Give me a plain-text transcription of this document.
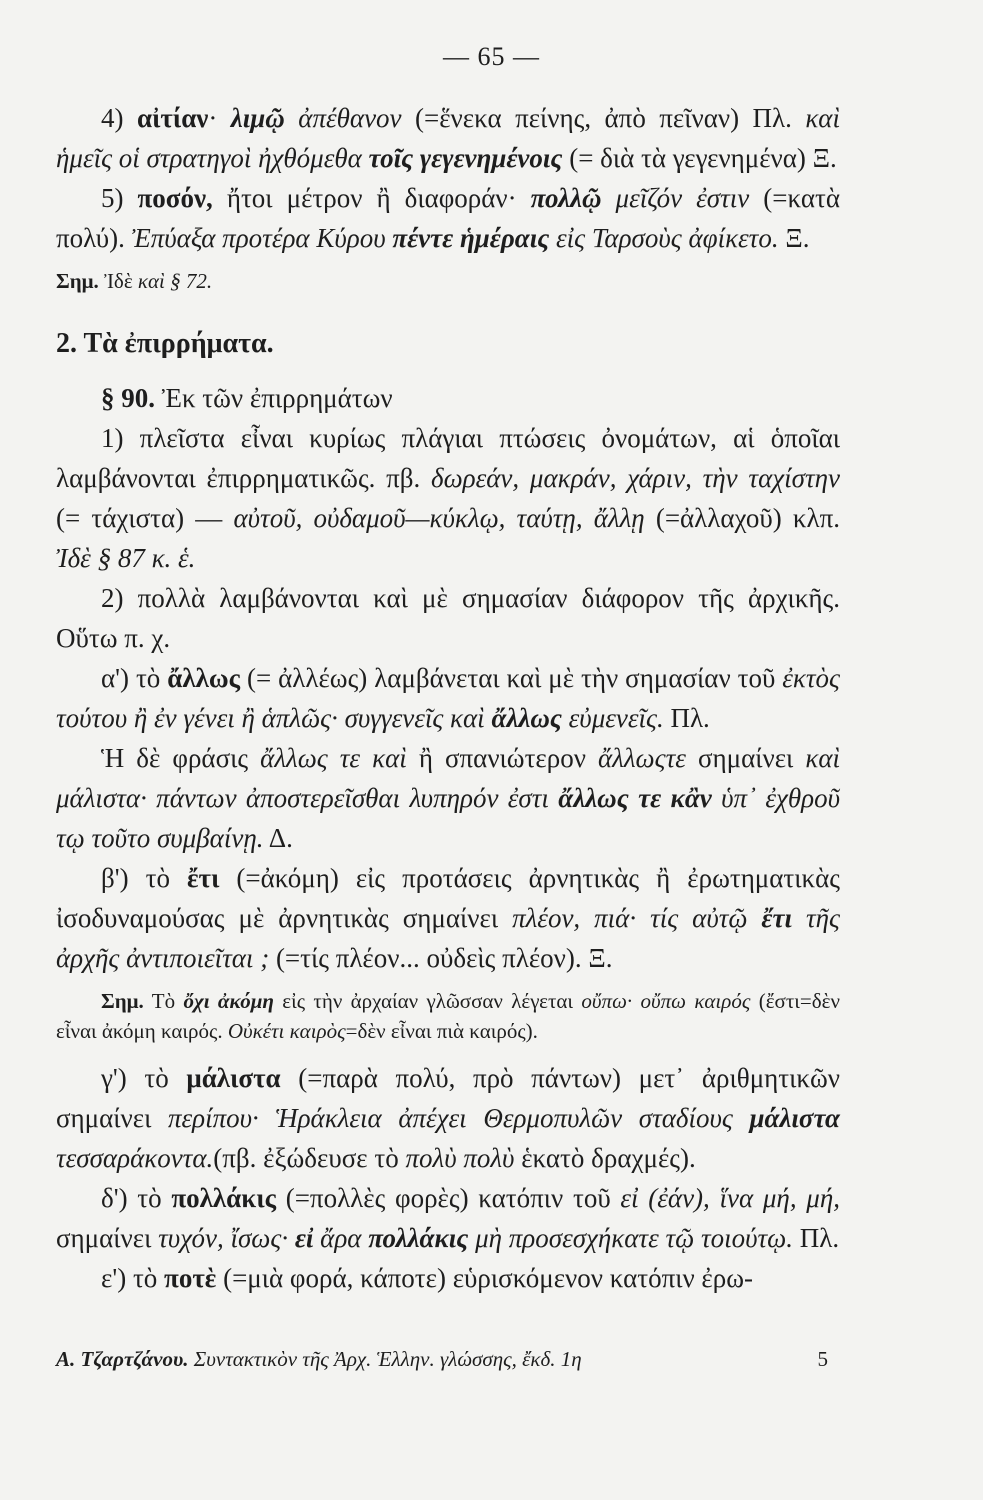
— 65 —

4) αἰτίαν· λιμῷ ἀπέθανον (=ἕνεκα πείνης, ἀπὸ πεῖναν) Πλ. καὶ ἡμεῖς οἱ στρατηγοὶ ἠχθόμεθα τοῖς γεγενημένοις (= διὰ τὰ γεγενημένα) Ξ.

5) ποσόν, ἤτοι μέτρον ἢ διαφοράν· πολλῷ μεῖζόν ἐστιν (=κατὰ πολύ). Ἐπύαξα προτέρα Κύρου πέντε ἡμέραις εἰς Ταρσοὺς ἀφίκετο. Ξ.

Σημ. Ἰδὲ καὶ § 72.

2. Τὰ ἐπιρρήματα.

§ 90. Ἐκ τῶν ἐπιρρημάτων

1) πλεῖστα εἶναι κυρίως πλάγιαι πτώσεις ὀνομάτων, αἱ ὁποῖαι λαμβάνονται ἐπιρρηματικῶς. πβ. δωρεάν, μακράν, χάριν, τὴν ταχίστην (= τάχιστα) — αὐτοῦ, οὐδαμοῦ—κύκλῳ, ταύτῃ, ἄλλῃ (=ἀλλαχοῦ) κλπ. Ἰδὲ § 87 κ. ἑ.

2) πολλὰ λαμβάνονται καὶ μὲ σημασίαν διάφορον τῆς ἀρχικῆς. Οὕτω π. χ.

α') τὸ ἄλλως (= ἀλλέως) λαμβάνεται καὶ μὲ τὴν σημασίαν τοῦ ἐκτὸς τούτου ἢ ἐν γένει ἢ ἁπλῶς· συγγενεῖς καὶ ἄλλως εὐμενεῖς. Πλ.

Ἡ δὲ φράσις ἄλλως τε καὶ ἢ σπανιώτερον ἄλλωςτε σημαίνει καὶ μάλιστα· πάντων ἀποστερεῖσθαι λυπηρόν ἐστι ἄλλως τε κἂν ὑπ᾽ ἐχθροῦ τῳ τοῦτο συμβαίνῃ. Δ.

β') τὸ ἔτι (=ἀκόμη) εἰς προτάσεις ἀρνητικὰς ἢ ἐρωτηματικὰς ἰσοδυναμούσας μὲ ἀρνητικὰς σημαίνει πλέον, πιά· τίς αὐτῷ ἔτι τῆς ἀρχῆς ἀντιποιεῖται ; (=τίς πλέον... οὐδεὶς πλέον). Ξ.

Σημ. Τὸ ὄχι ἀκόμη εἰς τὴν ἀρχαίαν γλῶσσαν λέγεται οὔπω· οὔπω καιρός (ἔστι=δὲν εἶναι ἀκόμη καιρός. Οὐκέτι καιρὸς=δὲν εἶναι πιὰ καιρός).

γ') τὸ μάλιστα (=παρὰ πολύ, πρὸ πάντων) μετ᾽ ἀριθμητικῶν σημαίνει περίπου· Ἡράκλεια ἀπέχει Θερμοπυλῶν σταδίους μάλιστα τεσσαράκοντα.(πβ. ἐξώδευσε τὸ πολὺ πολὺ ἑκατὸ δραχμές).

δ') τὸ πολλάκις (=πολλὲς φορὲς) κατόπιν τοῦ εἰ (ἐάν), ἵνα μή, μή, σημαίνει τυχόν, ἴσως· εἰ ἄρα πολλάκις μὴ προσεσχήκατε τῷ τοιούτῳ. Πλ.

ε') τὸ ποτὲ (=μιὰ φορά, κάποτε) εὑρισκόμενον κατόπιν ἐρω-

Α. Τζαρτζάνου. Συντακτικὸν τῆς Ἀρχ. Ἑλλην. γλώσσης, ἔκδ. 1η	5
